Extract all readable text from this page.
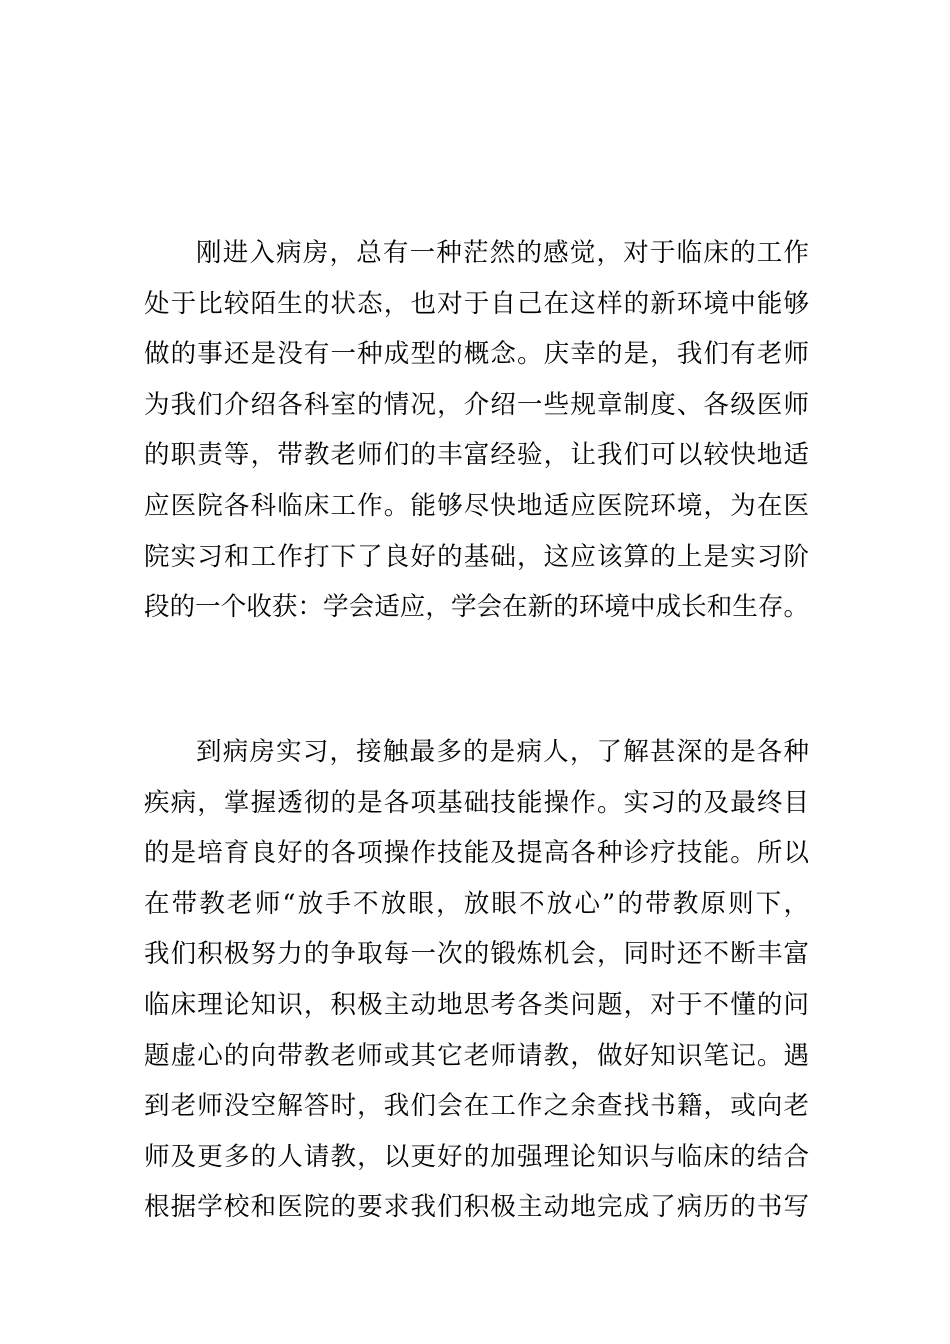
刚进入病房，总有一种茫然的感觉，对于临床的工作
处于比较陌生的状态，也对于自己在这样的新环境中能够
做的事还是没有一种成型的概念。庆幸的是，我们有老师
为我们介绍各科室的情况，介绍一些规章制度、各级医师
的职责等，带教老师们的丰富经验，让我们可以较快地适
应医院各科临床工作。能够尽快地适应医院环境，为在医
院实习和工作打下了良好的基础，这应该算的上是实习阶
段的一个收获：学会适应，学会在新的环境中成长和生存。
到病房实习，接触最多的是病人，了解甚深的是各种
疾病，掌握透彻的是各项基础技能操作。实习的及最终目
的是培育良好的各项操作技能及提高各种诊疗技能。所以
在带教老师“放手不放眼，放眼不放心”的带教原则下，
我们积极努力的争取每一次的锻炼机会，同时还不断丰富
临床理论知识，积极主动地思考各类问题，对于不懂的问
题虚心的向带教老师或其它老师请教，做好知识笔记。遇
到老师没空解答时，我们会在工作之余查找书籍，或向老
师及更多的人请教，以更好的加强理论知识与临床的结合
根据学校和医院的要求我们积极主动地完成了病历的书写
